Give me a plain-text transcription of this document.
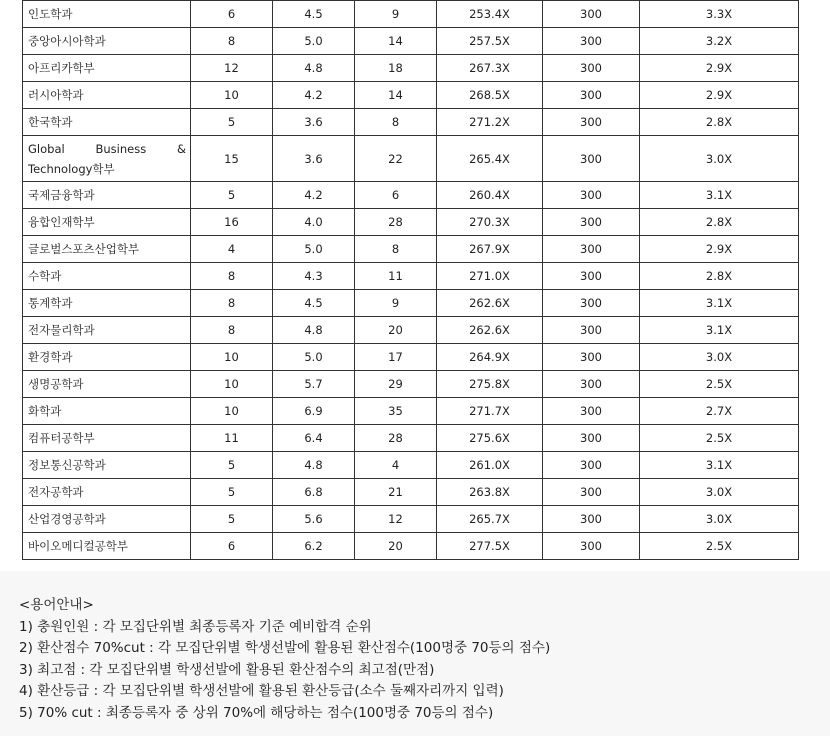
인도학과	6	4.5	9	253.4X	300	3.3X
중앙아시아학과	8	5.0	14	257.5X	300	3.2X
아프리카학부	12	4.8	18	267.3X	300	2.9X
러시아학과	10	4.2	14	268.5X	300	2.9X
한국학과	5	3.6	8	271.2X	300	2.8X

Global Business &
Technology학부	15	3.6	22	265.4X	300	3.0X
국제금융학과	5	4.2	6	260.4X	300	3.1X
융합인재학부	16	4.0	28	270.3X	300	2.8X
글로벌스포츠산업학부	4	5.0	8	267.9X	300	2.9X
수학과	8	4.3	11	271.0X	300	2.8X
통계학과	8	4.5	9	262.6X	300	3.1X
전자물리학과	8	4.8	20	262.6X	300	3.1X
환경학과	10	5.0	17	264.9X	300	3.0X
생명공학과	10	5.7	29	275.8X	300	2.5X
화학과	10	6.9	35	271.7X	300	2.7X
컴퓨터공학부	11	6.4	28	275.6X	300	2.5X
정보통신공학과	5	4.8	4	261.0X	300	3.1X
전자공학과	5	6.8	21	263.8X	300	3.0X
산업경영공학과	5	5.6	12	265.7X	300	3.0X
바이오메디컬공학부	6	6.2	20	277.5X	300	2.5X
<용어안내>
1) 충원인원 : 각 모집단위별 최종등록자 기준 예비합격 순위
2) 환산점수 70%cut : 각 모집단위별 학생선발에 활용된 환산점수(100명중 70등의 점수)
3) 최고점 : 각 모집단위별 학생선발에 활용된 환산점수의 최고점(만점)
4) 환산등급 : 각 모집단위별 학생선발에 활용된 환산등급(소수 둘째자리까지 입력)
5) 70% cut : 최종등록자 중 상위 70%에 해당하는 점수(100명중 70등의 점수)
